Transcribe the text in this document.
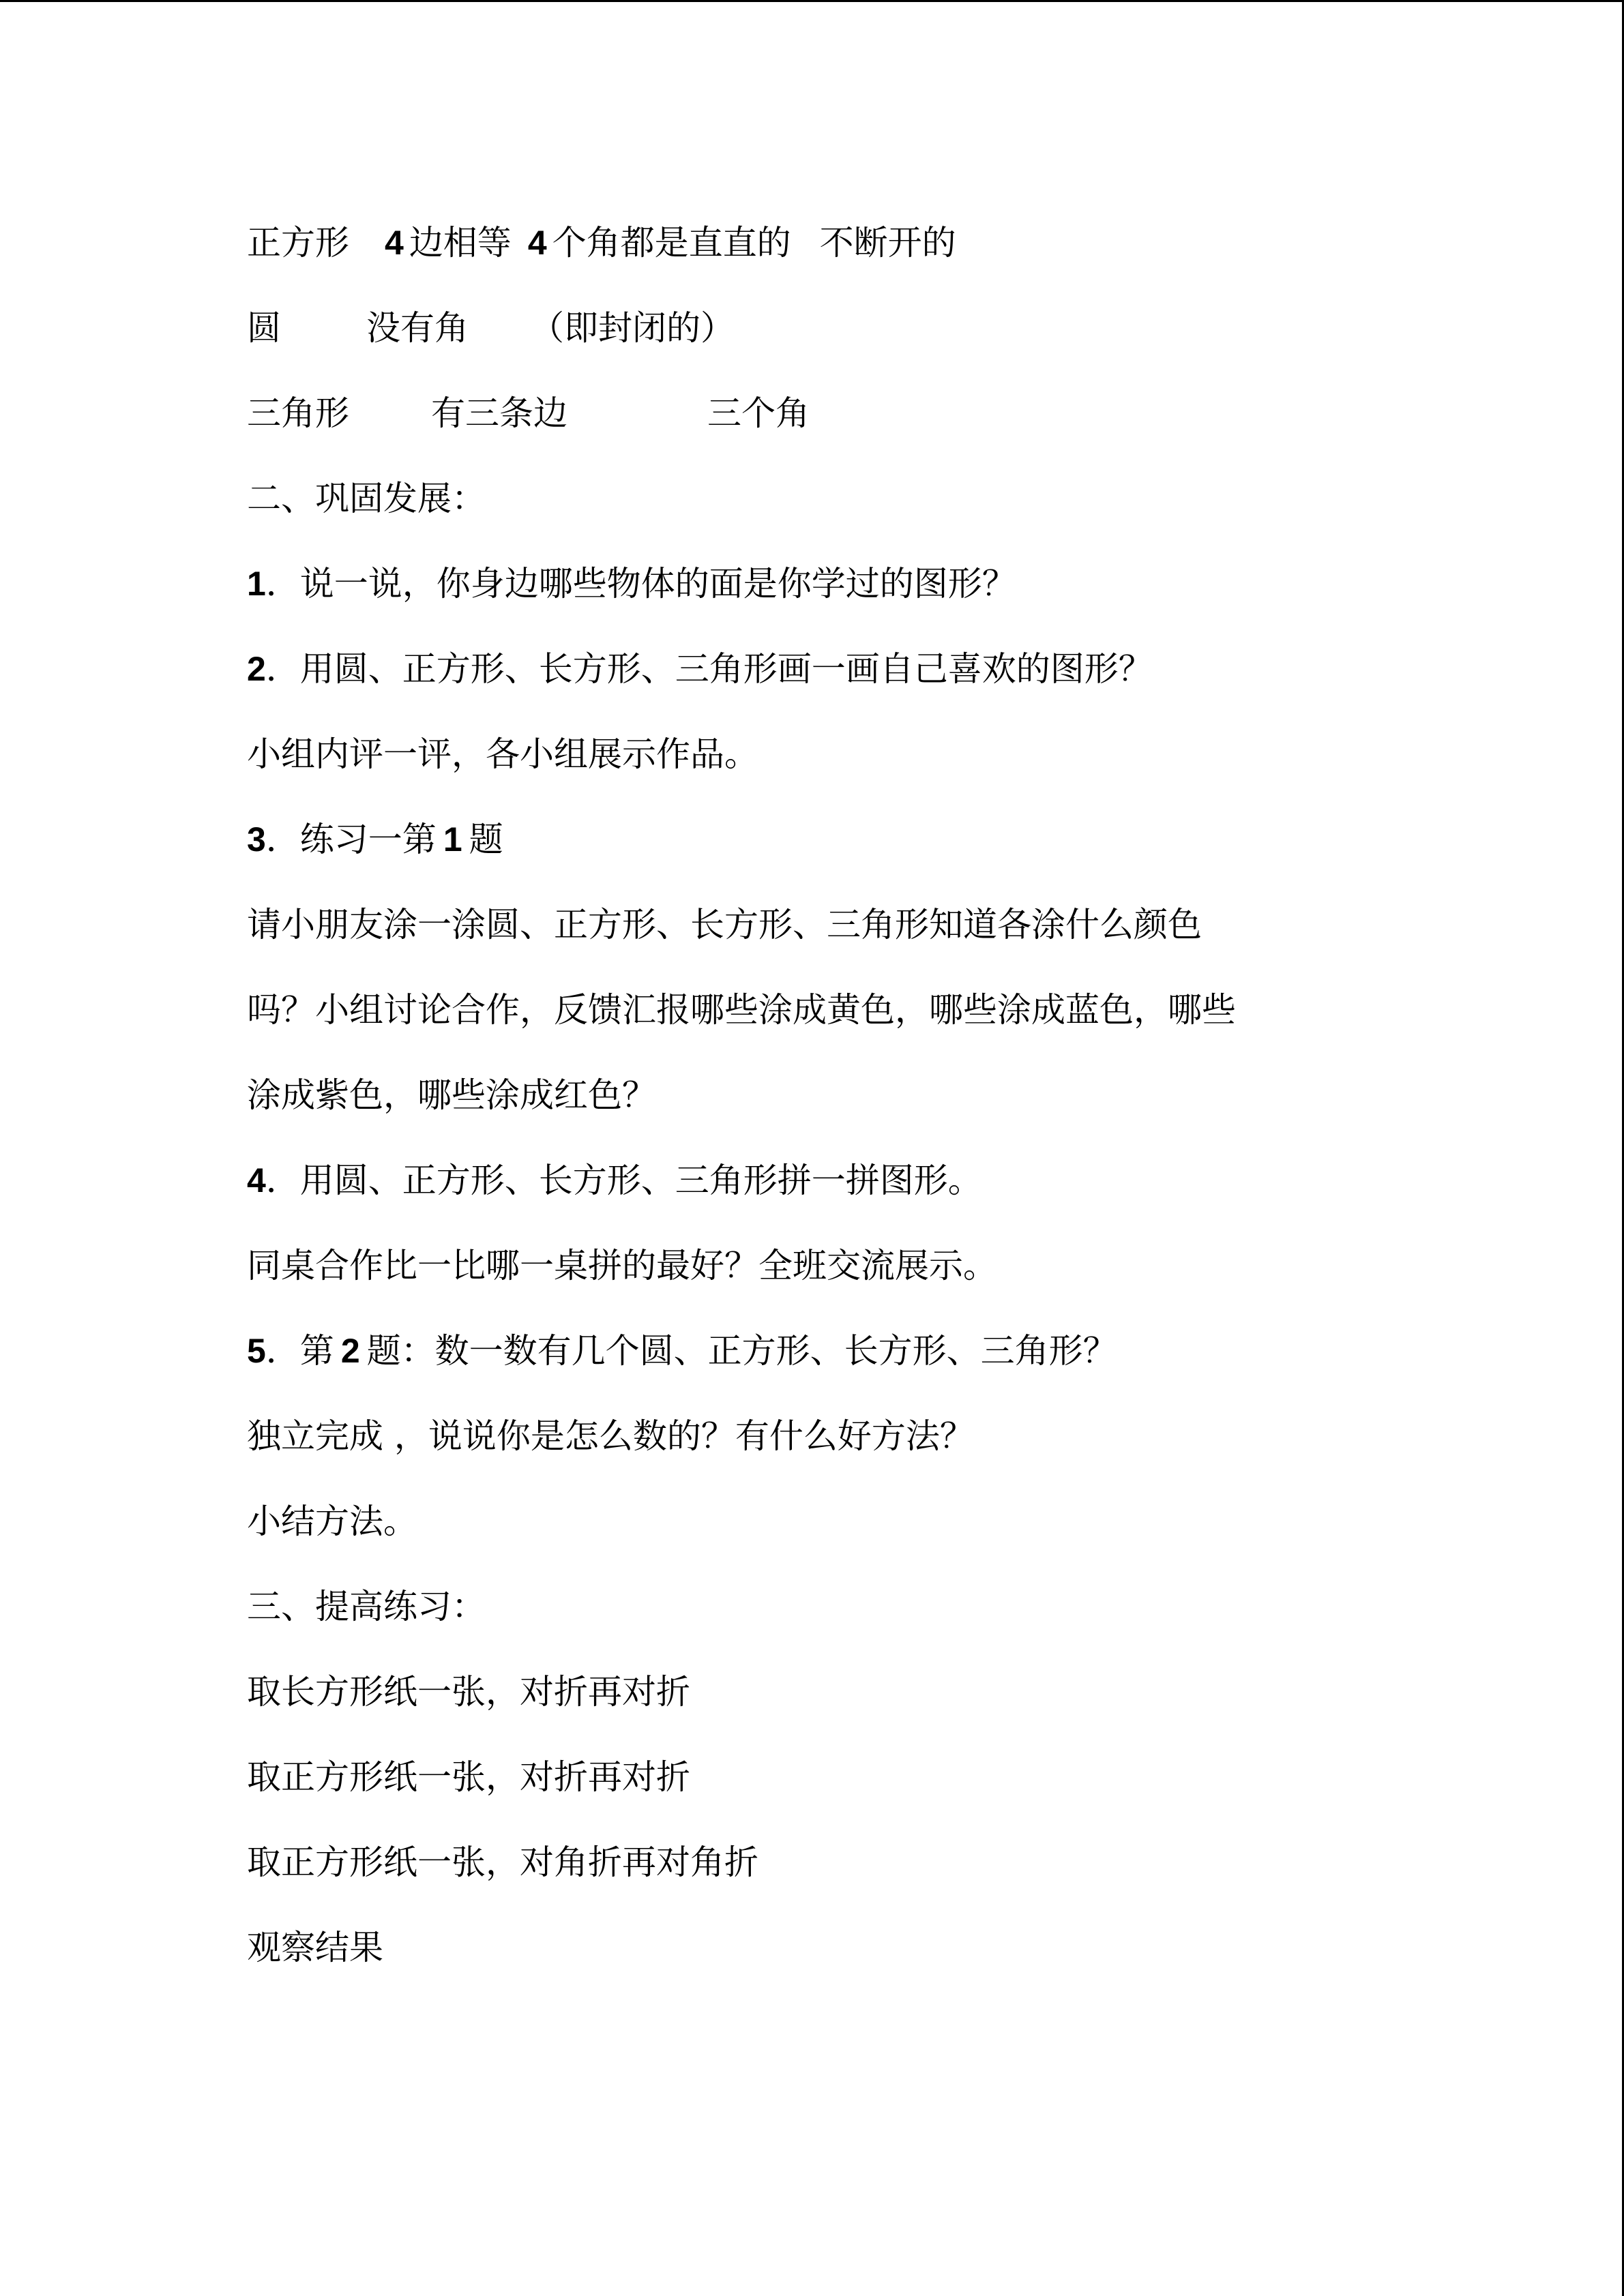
正方形 4 边相等 4 个角都是直直的 不断开的
圆	没有角 （即封闭的）
三角形 有三条边	三个角
二、巩固发展：
1．说一说，你身边哪些物体的面是你学过的图形？
2．用圆、正方形、长方形、三角形画一画自己喜欢的图形？
小组内评一评，各小组展示作品。
3．练习一第 1 题
请小朋友涂一涂圆、正方形、长方形、三角形知道各涂什么颜色
吗？小组讨论合作，反馈汇报哪些涂成黄色，哪些涂成蓝色，哪些
涂成紫色，哪些涂成红色？
4．用圆、正方形、长方形、三角形拼一拼图形。
同桌合作比一比哪一桌拼的最好？全班交流展示。
5．第 2 题：数一数有几个圆、正方形、长方形、三角形？
独立完成 ，说说你是怎么数的？有什么好方法？
小结方法。
三、提高练习：
取长方形纸一张，对折再对折
取正方形纸一张，对折再对折
取正方形纸一张，对角折再对角折
观察结果
